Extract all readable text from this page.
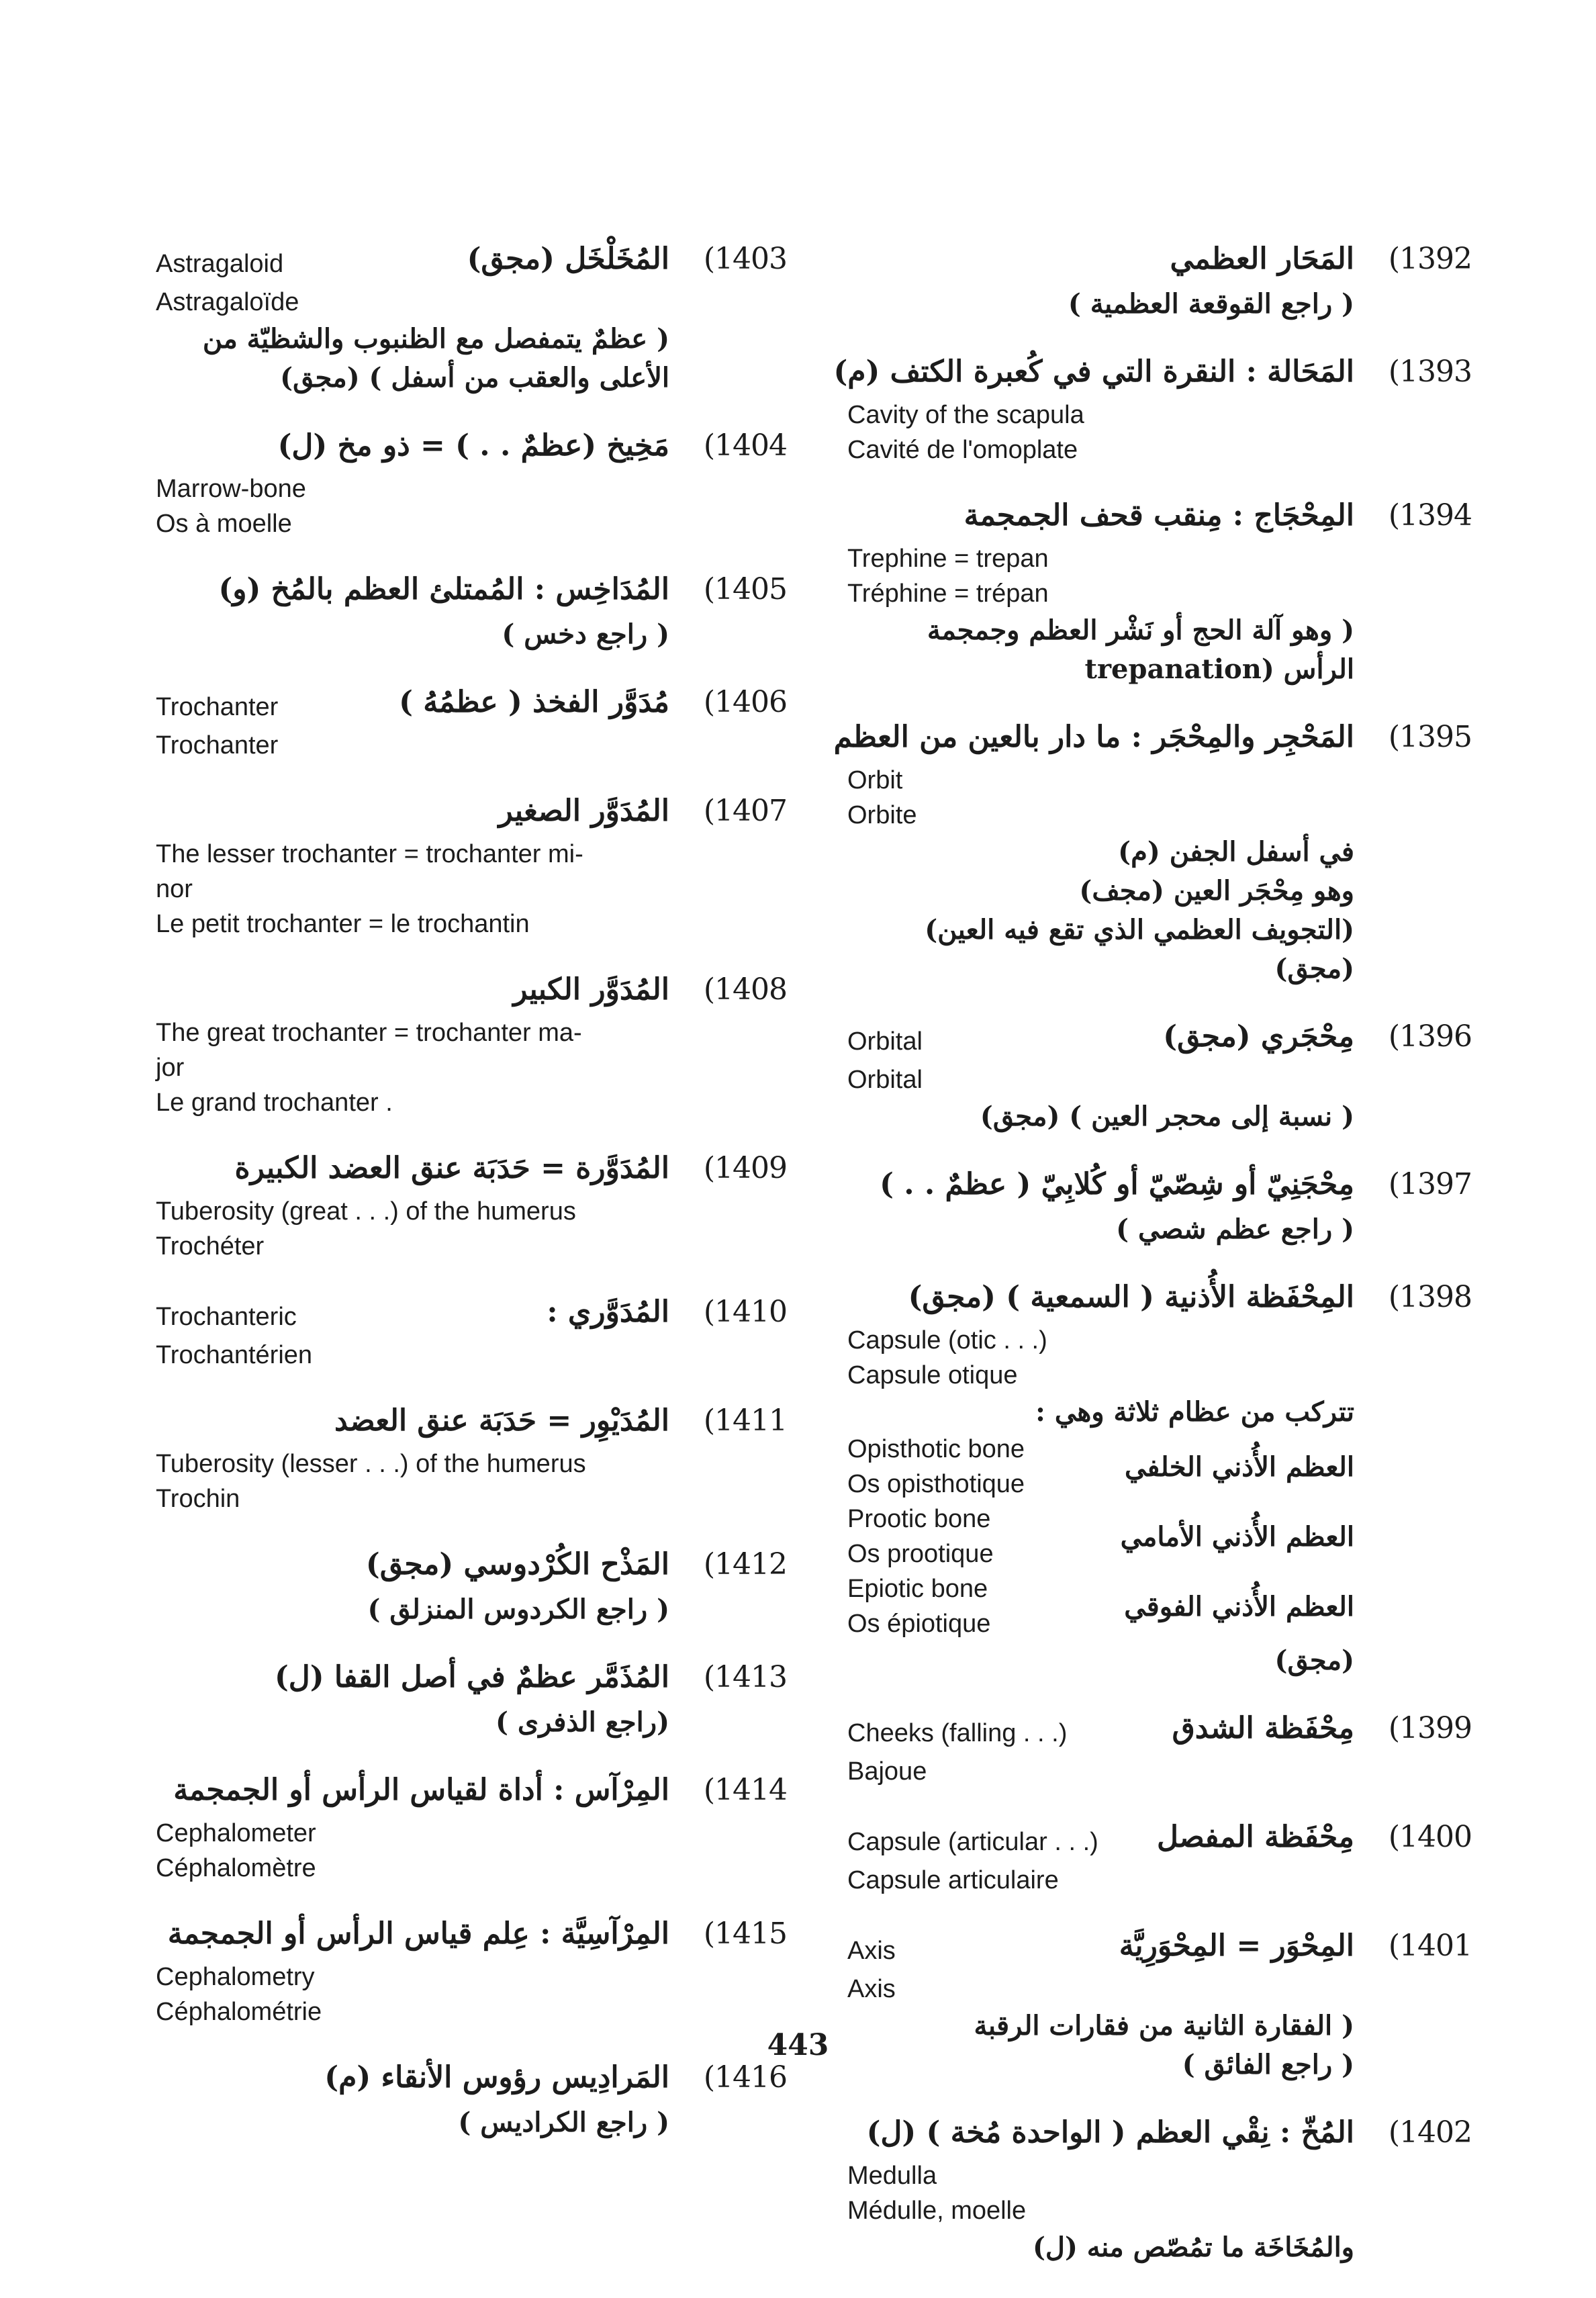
(1403
المُخَلْخَل (مجق)
Astragaloid
Astragaloïde
( عظمٌ يتمفصل مع الظنبوب والشظيّة من
الأعلى والعقب من أسفل ) (مجق)
(1404
مَخِيخ (عظمٌ . . ) = ذو مخ (ل)
Marrow-bone
Os à moelle
(1405
المُدَاخِس : المُمتلئ العظم بالمُخ (و)
( راجع دخس )
(1406
مُدَوَّر الفخذ ( عظمُهُ )
Trochanter
Trochanter
(1407
المُدَوَّر الصغير
The lesser trochanter = trochanter mi-
nor
Le petit trochanter = le trochantin
(1408
المُدَوَّر الكبير
The great trochanter = trochanter ma-
jor
Le grand trochanter .
(1409
المُدَوَّرة = حَدَبَة عنق العضد الكبيرة
Tuberosity (great . . .) of the humerus
Trochéter
(1410
المُدَوَّري :
Trochanteric
Trochantérien
(1411
المُدَيْوِر = حَدَبَة عنق العضد
Tuberosity (lesser . . .) of the humerus
Trochin
(1412
المَذْح الكُرْدوسي (مجق)
( راجع الكردوس المنزلق )
(1413
المُذَمَّر عظمٌ في أصل القفا (ل)
(راجع الذفرى )
(1414
المِرْآس : أداة لقياس الرأس أو الجمجمة
Cephalometer
Céphalomètre
(1415
المِرْآسِيَّة : عِلم قياس الرأس أو الجمجمة
Cephalometry
Céphalométrie
(1416
المَرادِيس رؤوس الأنقاء (م)
( راجع الكراديس )
(1392
المَحَار العظمي
( راجع القوقعة العظمية )
(1393
المَحَالة : النقرة التي في كُعبرة الكتف (م)
Cavity of the scapula
Cavité de l'omoplate
(1394
المِحْجَاج : مِنقب قحف الجمجمة
Trephine = trepan
Tréphine = trépan
( وهو آلة الحج أو نَشْر العظم وجمجمة
الرأس (trepanation
(1395
المَحْجِر والمِحْجَر : ما دار بالعين من العظم
Orbit
Orbite
في أسفل الجفن (م)
وهو مِحْجَر العين (مجف)
(التجويف العظمي الذي تقع فيه العين)(مجق)
(1396
مِحْجَري (مجق)
Orbital
Orbital
( نسبة إلى محجر العين ) (مجق)
(1397
مِحْجَنِيّ أو شِصّيّ أو كُلابِيّ ( عظمٌ . . )
( راجع عظم شصي )
(1398
المِحْفَظة الأُذنية ( السمعية ) (مجق)
Capsule (otic . . .)
Capsule otique
تتركب من عظام ثلاثة وهي :
Opisthotic bone
Os opisthotique
العظم الأُذني الخلفي
Prootic bone
Os prootique
العظم الأُذني الأمامي
Epiotic bone
Os épiotique
العظم الأُذني الفوقي
(مجق)
(1399
مِحْفَظة الشدق
Cheeks (falling . . .)
Bajoue
(1400
مِحْفَظة المفصل
Capsule (articular . . .)
Capsule articulaire
(1401
المِحْوَر = المِحْوَرِيَّة
Axis
Axis
( الفقارة الثانية من فقارات الرقبة
( راجع الفائق )
(1402
المُخّ : نِقْي العظم ( الواحدة مُخة ) (ل)
Medulla
Médulle, moelle
والمُخَاخَة ما تمُصّص منه (ل)
443
